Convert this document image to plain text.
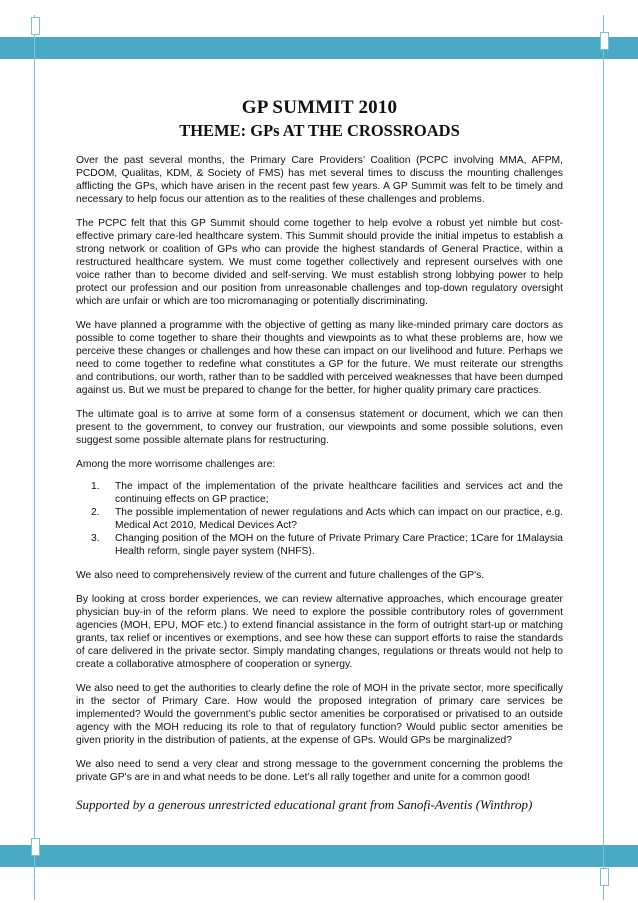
GP SUMMIT 2010
THEME: GPs AT THE CROSSROADS

Over the past several months, the Primary Care Providers’ Coalition (PCPC involving MMA, AFPM, PCDOM, Qualitas, KDM, & Society of FMS) has met several times to discuss the mounting challenges afflicting the GPs, which have arisen in the recent past few years. A GP Summit was felt to be timely and necessary to help focus our attention as to the realities of these challenges and problems.

The PCPC felt that this GP Summit should come together to help evolve a robust yet nimble but cost-effective primary care-led healthcare system. This Summit should provide the initial impetus to establish a strong network or coalition of GPs who can provide the highest standards of General Practice, within a restructured healthcare system. We must come together collectively and represent ourselves with one voice rather than to become divided and self-serving. We must establish strong lobbying power to help protect our profession and our position from unreasonable challenges and top-down regulatory oversight which are unfair or which are too micromanaging or potentially discriminating.

We have planned a programme with the objective of getting as many like-minded primary care doctors as possible to come together to share their thoughts and viewpoints as to what these problems are, how we perceive these changes or challenges and how these can impact on our livelihood and future. Perhaps we need to come together to redefine what constitutes a GP for the future. We must reiterate our strengths and contributions, our worth, rather than to be saddled with perceived weaknesses that have been dumped against us. But we must be prepared to change for the better, for higher quality primary care practices.

The ultimate goal is to arrive at some form of a consensus statement or document, which we can then present to the government, to convey our frustration, our viewpoints and some possible solutions, even suggest some possible alternate plans for restructuring.

Among the more worrisome challenges are:

1. The impact of the implementation of the private healthcare facilities and services act and the continuing effects on GP practice;
2. The possible implementation of newer regulations and Acts which can impact on our practice, e.g. Medical Act 2010, Medical Devices Act?
3. Changing position of the MOH on the future of Private Primary Care Practice; 1Care for 1Malaysia Health reform, single payer system (NHFS).

We also need to comprehensively review of the current and future challenges of the GP's.

By looking at cross border experiences, we can review alternative approaches, which encourage greater physician buy-in of the reform plans. We need to explore the possible contributory roles of government agencies (MOH, EPU, MOF etc.) to extend financial assistance in the form of outright start-up or matching grants, tax relief or incentives or exemptions, and see how these can support efforts to raise the standards of care delivered in the private sector. Simply mandating changes, regulations or threats would not help to create a collaborative atmosphere of cooperation or synergy.

We also need to get the authorities to clearly define the role of MOH in the private sector, more specifically in the sector of Primary Care. How would the proposed integration of primary care services be implemented? Would the government’s public sector amenities be corporatised or privatised to an outside agency with the MOH reducing its role to that of regulatory function? Would public sector amenities be given priority in the distribution of patients, at the expense of GPs. Would GPs be marginalized?

We also need to send a very clear and strong message to the government concerning the problems the private GP's are in and what needs to be done. Let’s all rally together and unite for a common good!

Supported by a generous unrestricted educational grant from Sanofi-Aventis (Winthrop)
